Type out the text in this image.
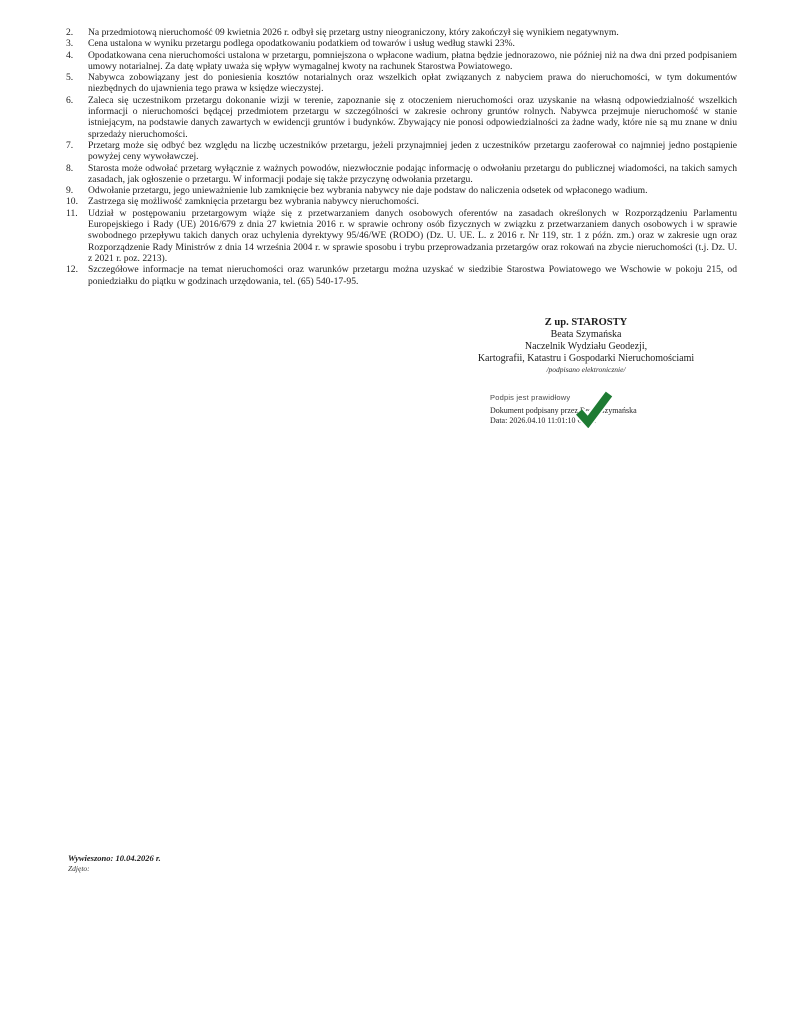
2.	Na przedmiotową nieruchomość 09 kwietnia 2026 r. odbył się przetarg ustny nieograniczony, który zakończył się wynikiem negatywnym.
3.	Cena ustalona w wyniku przetargu podlega opodatkowaniu podatkiem od towarów i usług według stawki 23%.
4.	Opodatkowana cena nieruchomości ustalona w przetargu, pomniejszona o wpłacone wadium, płatna będzie jednorazowo, nie później niż na dwa dni przed podpisaniem umowy notarialnej. Za datę wpłaty uważa się wpływ wymagalnej kwoty na rachunek Starostwa Powiatowego.
5.	Nabywca zobowiązany jest do poniesienia kosztów notarialnych oraz wszelkich opłat związanych z nabyciem prawa do nieruchomości, w tym dokumentów niezbędnych do ujawnienia tego prawa w księdze wieczystej.
6.	Zaleca się uczestnikom przetargu dokonanie wizji w terenie, zapoznanie się z otoczeniem nieruchomości oraz uzyskanie na własną odpowiedzialność wszelkich informacji o nieruchomości będącej przedmiotem przetargu w szczególności w zakresie ochrony gruntów rolnych. Nabywca przejmuje nieruchomość w stanie istniejącym, na podstawie danych zawartych w ewidencji gruntów i budynków. Zbywający nie ponosi odpowiedzialności za żadne wady, które nie są mu znane w dniu sprzedaży nieruchomości.
7.	Przetarg może się odbyć bez względu na liczbę uczestników przetargu, jeżeli przynajmniej jeden z uczestników przetargu zaoferował co najmniej jedno postąpienie powyżej ceny wywoławczej.
8.	Starosta może odwołać przetarg wyłącznie z ważnych powodów, niezwłocznie podając informację o odwołaniu przetargu do publicznej wiadomości, na takich samych zasadach, jak ogłoszenie o przetargu. W informacji podaje się także przyczynę odwołania przetargu.
9.	Odwołanie przetargu, jego unieważnienie lub zamknięcie bez wybrania nabywcy nie daje podstaw do naliczenia odsetek od wpłaconego wadium.
10.	Zastrzega się możliwość zamknięcia przetargu bez wybrania nabywcy nieruchomości.
11.	Udział w postępowaniu przetargowym wiąże się z przetwarzaniem danych osobowych oferentów na zasadach określonych w Rozporządzeniu Parlamentu Europejskiego i Rady (UE) 2016/679 z dnia 27 kwietnia 2016 r. w sprawie ochrony osób fizycznych w związku z przetwarzaniem danych osobowych i w sprawie swobodnego przepływu takich danych oraz uchylenia dyrektywy 95/46/WE (RODO) (Dz. U. UE. L. z 2016 r. Nr 119, str. 1 z późn. zm.) oraz w zakresie ugn oraz Rozporządzenie Rady Ministrów z dnia 14 września 2004 r. w sprawie sposobu i trybu przeprowadzania przetargów oraz rokowań na zbycie nieruchomości (t.j. Dz. U. z 2021 r. poz. 2213).
12.	Szczegółowe informacje na temat nieruchomości oraz warunków przetargu można uzyskać w siedzibie Starostwa Powiatowego we Wschowie w pokoju 215, od poniedziałku do piątku w godzinach urzędowania, tel. (65) 540-17-95.
Z up. STAROSTY
Beata Szymańska
Naczelnik Wydziału Geodezji,
Kartografii, Katastru i Gospodarki Nieruchomościami
/podpisano elektronicznie/
Podpis jest prawidłowy
Dokument podpisany przez Beata Szymańska
Data: 2026.04.10 11:01:10 CEST
Wywieszono: 10.04.2026 r.
Zdjęto:
